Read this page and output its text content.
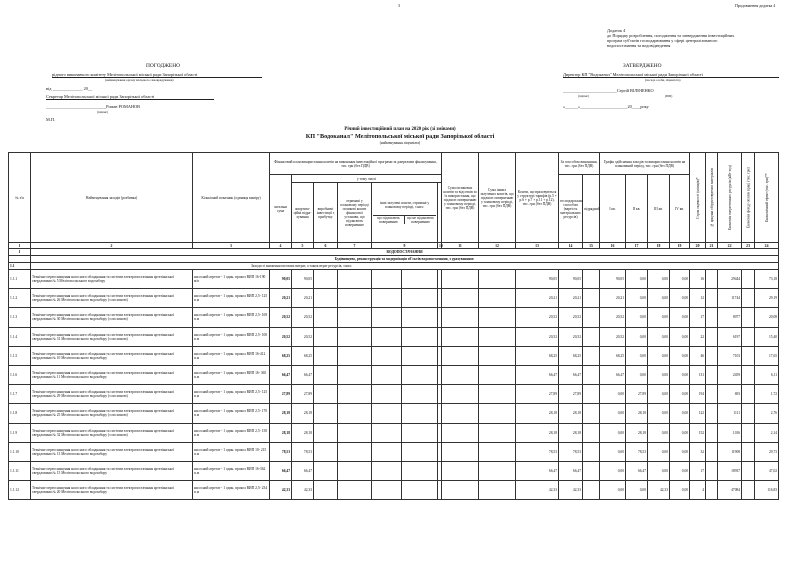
3	Продовження додатка 4
Додаток 4
до Порядку розроблення, погодження та затвердження інвестиційних
програм суб'єктів господарювання у сфері централізованого
водопостачання та водовідведення
ПОГОДЖЕНО
рідного виконавчого комітету Мелітопольської міської ради Запорізької області
(найменування органу місцевого самоврядування)
від ______________ 20__
Секретар Мелітопольської міської ради Запорізької області
____________________________Роман РОМАНОВ
(підпис)
М.П.
ЗАТВЕРДЖЕНО
Директор КП "Водоканал" Мелітопольської міської ради Запорізької області
(посада особи, ліцензіата)
_________________________Сергій ВІЛЬЧЕНКО
(підпис)	(ПІБ)
«______»______________________20____року
Річний інвестиційний план на 2020 рік (зі змінами)
КП "Водоканал" Мелітопольської міської ради Запорізької області
(найменування ліцензіата)
№ з/п	Найменування заходів (розбивка)	Кількісний показник (одиниця виміру)	Фінансовий план використання коштів на виконання інвестиційної програми за джерелами фінансування, тис. грн (без ПДВ)							Сума позикових коштів та відсотків за їх використання, що підлягає поверненню у плановому періоді, тис. грн (без ПДВ)	Сума інших залучених коштів, що підлягає поверненню у плановому періоді, тис. грн (без ПДВ)	Кошти, що враховуються у структурі тарифів (р.5 + р.6 + р.7 + р.11 + р.12), тис. грн (без ПДВ)	За способом виконання, тис. грн (без ПДВ)		Графік здійснення заходів та використання коштів на планований період, тис. грн (без ПДВ)				Строк окупності (місяців)*	№ аркуша обґрунтовуючих матеріалів	Економія енергетичних ресурсів (кВт·год)	Економія фонду оплати праці (тис. грн)	Економічний ефект (тис. грн)**
			загальна сума	у тому числі									господарським способом (вартість матеріальних ресурсів)	підрядний	I кв.	II кв.	III кв.	IV кв.					
				амортиза-ційні відра-хування	виробничі інвестиції з прибутку	отримані у плановому періоді позикові кошти фінансової установи, що підлягають поверненню	інші залучені кошти, отримані у плановому періоді, з них:
що підлягають поверненню
що не підлягають поверненню																

1	2	3	4	5	6	7	9		10	11	12	13	14	15	16	17	18	19	20	21	22	23	24
І	ВОДОПОСТАЧАННЯ																						
	Будівництво, реконструкція та модернізація об'єктів водопостачання, з урахуванням:																						
1.1	Заходи зі зниження питомих витрат, а також втрат ресурсів, з них:																						
1.1.1	Технічне переоснащення насосного обладнання та системи електропостачання артезіанської свердловини № 5 Мелітопольського водозабору	насосний агрегат - 1 один. прокол ВИП 16-190 м/п	90,05	90,05								90,05	90,05		90,05	0,00	0,00	0,00	16		29444		73,18
1.1.2	Технічне переоснащення насосного обладнання та системи електропостачання артезіанської свердловини № 26 Мелітопольського водозабору (з поcилкою)	насосний агрегат - 1 один. прокол ВИП 2,5- 125 п.м	20,21	20,21								20,21	20,21		20,21	0,00	0,00	0,00	12		11744		29,19
1.1.3	Технічне переоснащення насосного обладнання та системи електропостачання артезіанської свердловини № 30 Мелітопольського водозабору (з поcилкою)	насосний агрегат - 1 один. прокол ВИП 2,5- 169 п.м	20,52	20,52								20,52	20,52		20,52	0,00	0,00	0,00	17		8077		20,08
1.1.4	Технічне переоснащення насосного обладнання та системи електропостачання артезіанської свердловини № 31 Мелітопольського водозабору (з поcилкою)	насосний агрегат - 1 один. прокол ВИП 2,5- 100 п.м	20,52	20,52								20,52	20,52		20,52	0,00	0,00	0,00	22		6197		15,40
1.1.5	Технічне переоснащення насосного обладнання та системи електропостачання артезіанської свердловини № 10 Мелітопольського водозабору	насосний агрегат - 1 один. прокол ВИП 16-412 п.м	68,25	68,25								68,25	68,25		68,25	0,00	0,00	0,00	46		7103		17,65
1.1.6	Технічне переоснащення насосного обладнання та системи електропостачання артезіанської свердловини № 11 Мелітопольського водозабору	насосний агрегат - 1 один. прокол ВИП 16- 365 п.м	66,47	66,47								66,47	66,47		66,47	0,00	0,00	0,00	131		2459		6,11
1.1.7	Технічне переоснащення насосного обладнання та системи електропостачання артезіанської свердловини № 29 Мелітопольського водозабору (з поcилкою)	насосний агрегат - 1 один. прокол ВИП 2,5- 125 п.м	27,89	27,89								27,89	27,89		0,00	27,89	0,00	0,00	194		693		1,72
1.1.8	Технічне переоснащення насосного обладнання та системи електропостачання артезіанської свердловини № 25 Мелітопольського водозабору (з поcилкою)	насосний агрегат - 1 один. прокол ВИП 2,5- 170 п.м	28,18	28,18								28,18	28,18		0,00	28,18	0,00	0,00	122		1111		2,76
1.1.9	Технічне переоснащення насосного обладнання та системи електропостачання артезіанської свердловини № 32 Мелітопольського водозабору (з поcилкою)	насосний агрегат - 1 один. прокол ВИП 2,5- 150 п.м	28,18	28,18								28,18	28,18		0,00	28,18	0,00	0,00	152		1016		2,14
1.1.10	Технічне переоснащення насосного обладнання та системи електропостачання артезіанської свердловини № 13 Мелітопольського водозабору	насосний агрегат - 1 один. прокол ВИП 10- 215 п.м	78,53	78,53								78,53	78,53		0,00	78,53	0,00	0,00	32		11908		29,73
1.1.11	Технічне переоснащення насосного обладнання та системи електропостачання артезіанської свердловини № 15 Мелітопольського водозабору	насосний агрегат - 1 один. прокол ВИП 16-362 п.м	66,47	66,47								66,47	66,47		0,00	66,47	0,00	0,00	17		18937		47,02
1.1.12	Технічне переоснащення насосного обладнання та системи електропостачання артезіанської свердловини № 20 Мелітопольського водозабору	насосний агрегат - 1 один. прокол ВИП 2,5- 234 п.м	42,33	42,33								42,33	42,33		0,00	0,00	42,33	0,00	4		47084		116,83
